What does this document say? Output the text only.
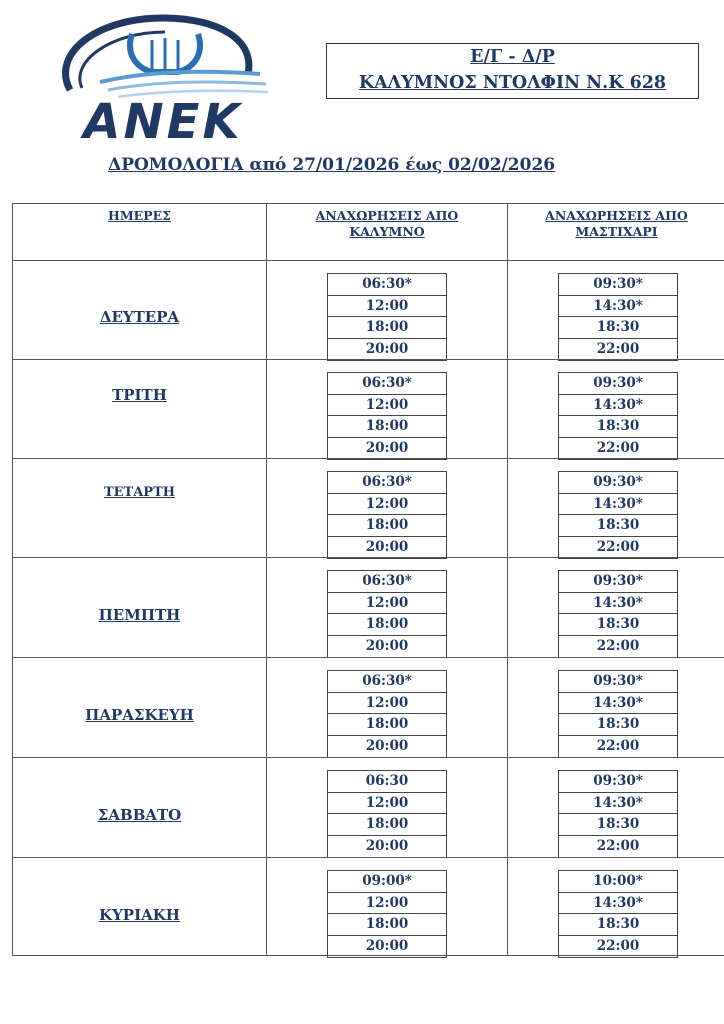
ANEK
Ε/Γ - Δ/Ρ
ΚΑΛΥΜΝΟΣ ΝΤΟΛΦΙΝ Ν.Κ 628
ΔΡΟΜΟΛΟΓΙΑ από 27/01/2026 έως 02/02/2026
ΗΜΕΡΕΣ	ΑΝΑΧΩΡΗΣΕΙΣ ΑΠΟ
ΚΑΛΥΜΝΟ
ΑΝΑΧΩΡΗΣΕΙΣ ΑΠΟ
ΜΑΣΤΙΧΑΡΙ
ΔΕΥΤΕΡΑ
06:30*
12:00
18:00
20:00
09:30*
14:30*
18:30
22:00
ΤΡΙΤΗ
06:30*
12:00
18:00
20:00
09:30*
14:30*
18:30
22:00
ΤΕΤΑΡΤΗ
06:30*
12:00
18:00
20:00
09:30*
14:30*
18:30
22:00
ΠΕΜΠΤΗ
06:30*
12:00
18:00
20:00
09:30*
14:30*
18:30
22:00
ΠΑΡΑΣΚΕΥΗ
06:30*
12:00
18:00
20:00
09:30*
14:30*
18:30
22:00
ΣΑΒΒΑΤΟ
06:30
12:00
18:00
20:00
09:30*
14:30*
18:30
22:00
ΚΥΡΙΑΚΗ
09:00*
12:00
18:00
20:00
10:00*
14:30*
18:30
22:00
